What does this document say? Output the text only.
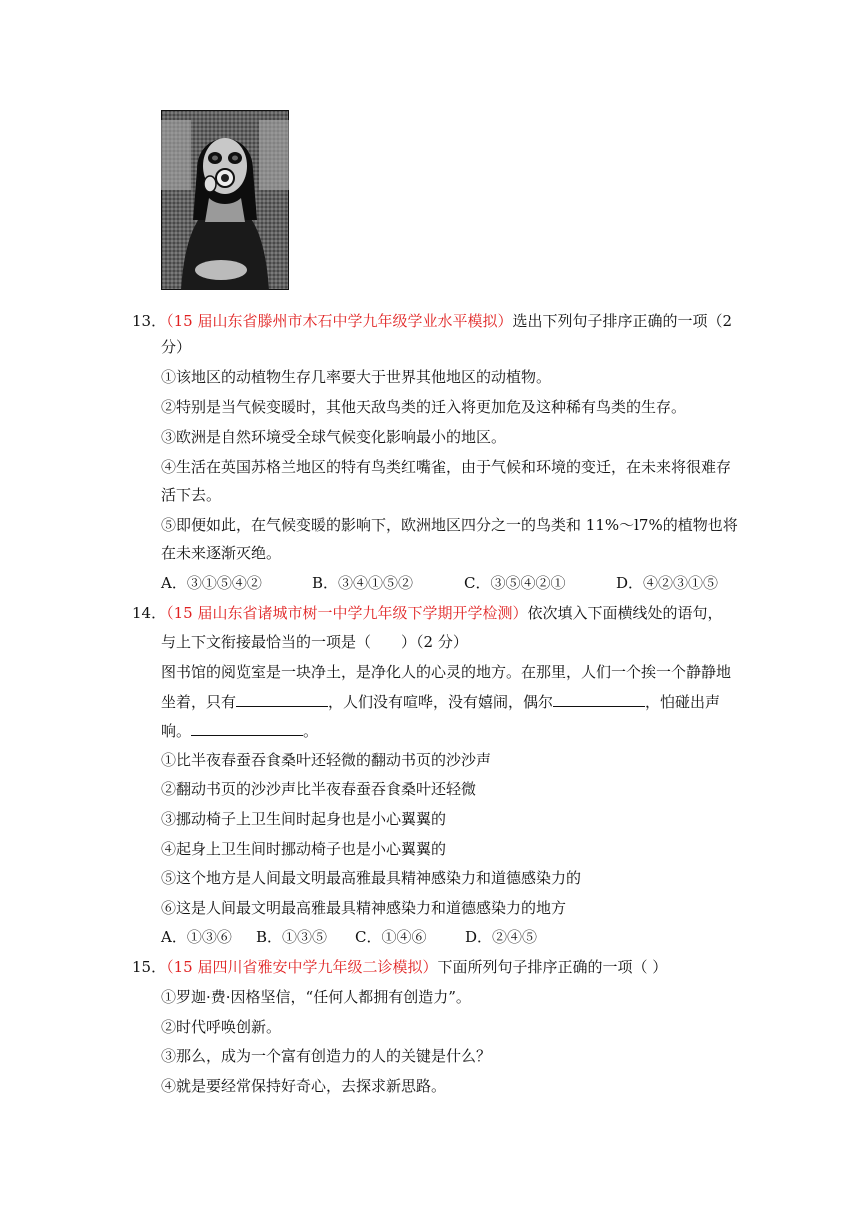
13．（15 届山东省滕州市木石中学九年级学业水平模拟）选出下列句子排序正确的一项（2
分）
①该地区的动植物生存几率要大于世界其他地区的动植物。
②特别是当气候变暖时，其他天敌鸟类的迁入将更加危及这种稀有鸟类的生存。
③欧洲是自然环境受全球气候变化影响最小的地区。
④生活在英国苏格兰地区的特有鸟类红嘴雀，由于气候和环境的变迁，在未来将很难存
活下去。
⑤即便如此，在气候变暖的影响下，欧洲地区四分之一的鸟类和 11%～l7%的植物也将
在未来逐渐灭绝。
A．③①⑤④②	B．③④①⑤②	C．③⑤④②①	D．④②③①⑤
14．（15 届山东省诸城市树一中学九年级下学期开学检测）依次填入下面横线处的语句，
与上下文衔接最恰当的一项是（　　）（2 分）
图书馆的阅览室是一块净土，是净化人的心灵的地方。在那里，人们一个挨一个静静地
坐着，只有	，人们没有喧哗，没有嬉闹，偶尔	，怕碰出声
响。	。
①比半夜春蚕吞食桑叶还轻微的翻动书页的沙沙声
②翻动书页的沙沙声比半夜春蚕吞食桑叶还轻微
③挪动椅子上卫生间时起身也是小心翼翼的
④起身上卫生间时挪动椅子也是小心翼翼的
⑤这个地方是人间最文明最高雅最具精神感染力和道德感染力的
⑥这是人间最文明最高雅最具精神感染力和道德感染力的地方
A．①③⑥ B．①③⑤ C．①④⑥	D．②④⑤
15．（15 届四川省雅安中学九年级二诊模拟）下面所列句子排序正确的一项（ ）
①罗迦·费·因格坚信，“任何人都拥有创造力”。
②时代呼唤创新。
③那么，成为一个富有创造力的人的关键是什么？
④就是要经常保持好奇心，去探求新思路。
